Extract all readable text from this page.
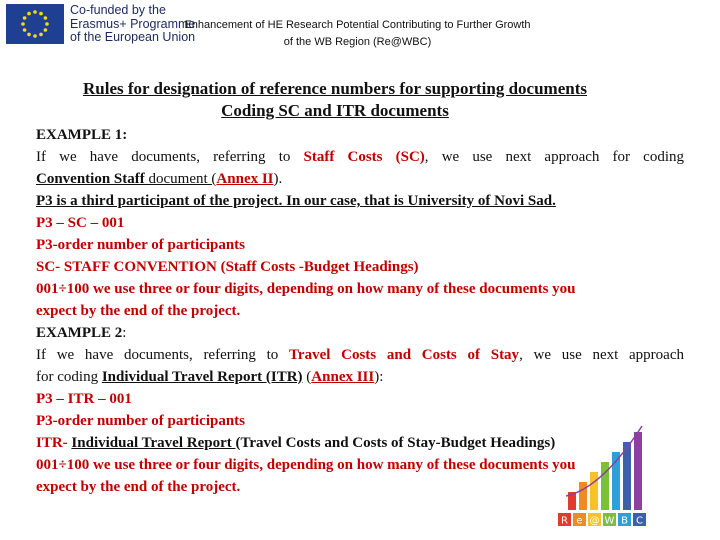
Co-funded by the
Erasmus+ Programme
of the European Union
Enhancement of HE Research Potential Contributing to Further Growth
of the WB Region (Re@WBC)
Rules for designation of reference numbers for supporting documents
Coding SC and ITR documents
EXAMPLE 1:
If we have documents, referring to Staff Costs (SC), we use next approach for coding
Convention Staff document (Annex II).
P3 is a third participant of the project. In our case, that is University of Novi Sad.
P3 – SC – 001
P3-order number of participants
SC- STAFF CONVENTION (Staff Costs -Budget Headings)
001÷100 we use three or four digits, depending on how many of these documents you
expect by the end of the project.
EXAMPLE 2:
If we have documents, referring to Travel Costs and Costs of Stay, we use next approach
for coding Individual Travel Report (ITR) (Annex III):
P3 – ITR – 001
P3-order number of participants
ITR- Individual Travel Report (Travel Costs and Costs of Stay-Budget Headings)
001÷100 we use three or four digits, depending on how many of these documents you
expect by the end of the project.
R e @ W B C
